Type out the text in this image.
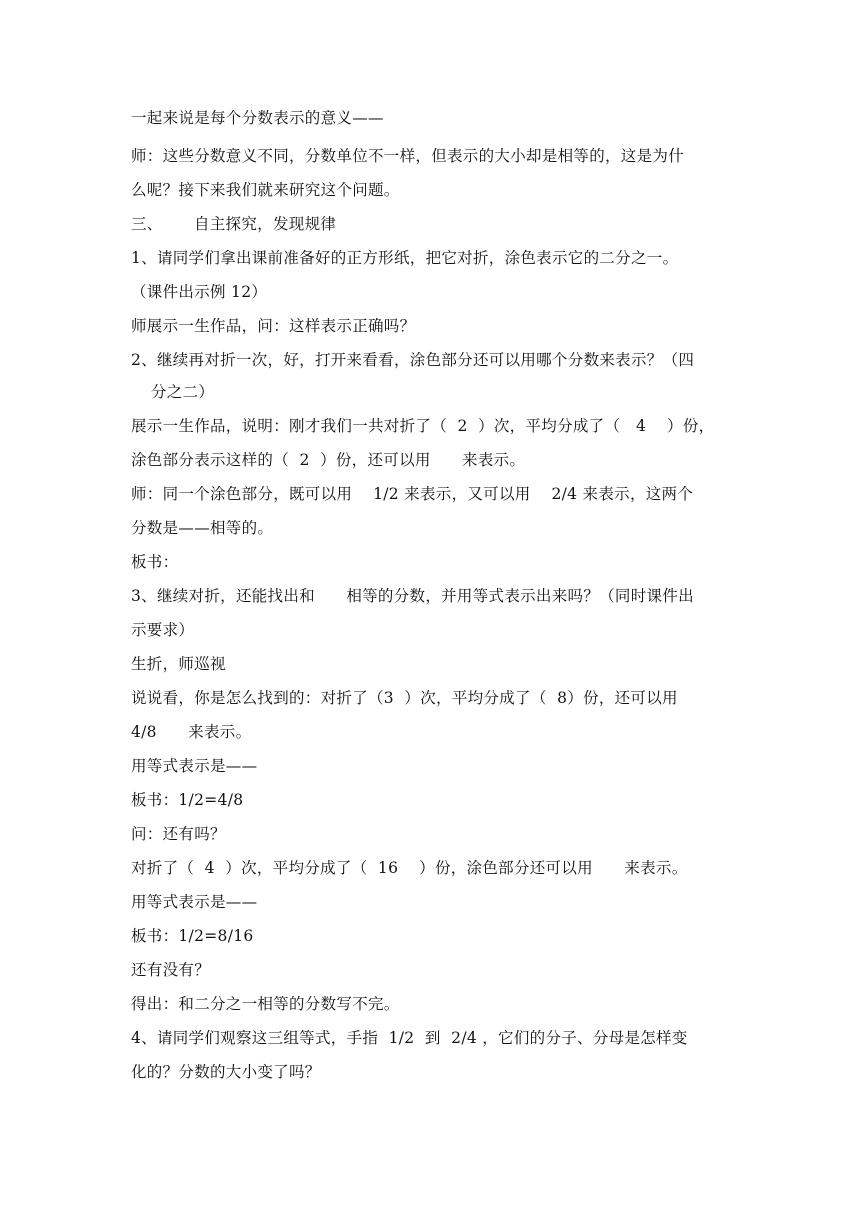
一起来说是每个分数表示的意义——
师：这些分数意义不同，分数单位不一样，但表示的大小却是相等的，这是为什
么呢？接下来我们就来研究这个问题。
三、      自主探究，发现规律
1、请同学们拿出课前准备好的正方形纸，把它对折，涂色表示它的二分之一。
（课件出示例 12）
师展示一生作品，问：这样表示正确吗？
2、继续再对折一次，好，打开来看看，涂色部分还可以用哪个分数来表示？（四
分之二）
展示一生作品，说明：刚才我们一共对折了（  2  ）次，平均分成了（   4    ）份，
涂色部分表示这样的（  2  ）份，还可以用      来表示。
师：同一个涂色部分，既可以用    1/2 来表示，又可以用    2/4 来表示，这两个
分数是——相等的。
板书：
3、继续对折，还能找出和      相等的分数，并用等式表示出来吗？（同时课件出
示要求）
生折，师巡视
说说看，你是怎么找到的：对折了（3  ）次，平均分成了（  8）份，还可以用
4/8      来表示。
用等式表示是——
板书：1/2=4/8
问：还有吗？
对折了（  4  ）次，平均分成了（  16    ）份，涂色部分还可以用      来表示。
用等式表示是——
板书：1/2=8/16
还有没有？
得出：和二分之一相等的分数写不完。
4、请同学们观察这三组等式，手指  1/2  到  2/4 ，它们的分子、分母是怎样变
化的？分数的大小变了吗？
